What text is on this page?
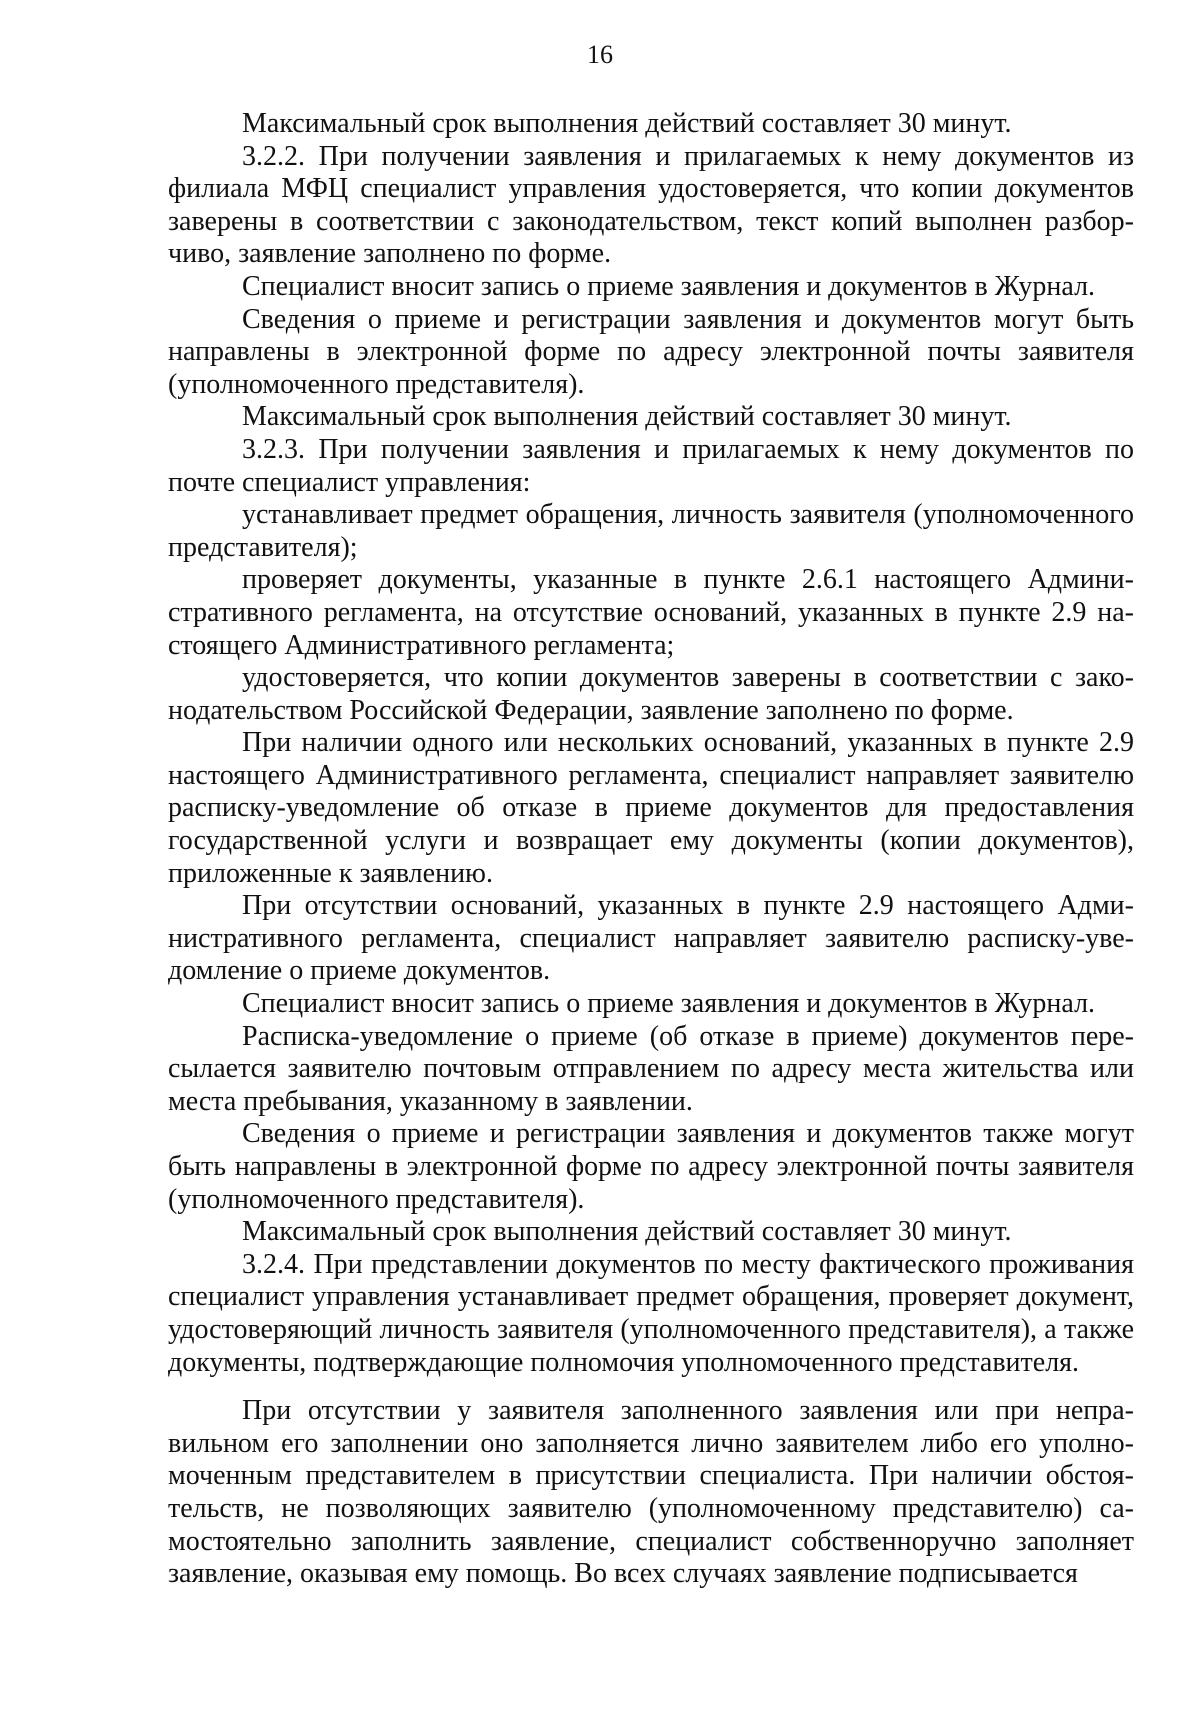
16

Максимальный срок выполнения действий составляет 30 минут.

3.2.2. При получении заявления и прилагаемых к нему документов из филиала МФЦ специалист управления удостоверяется, что копии документов заверены в соответствии с законодательством, текст копий выполнен разборчиво, заявление заполнено по форме.

Специалист вносит запись о приеме заявления и документов в Журнал.

Сведения о приеме и регистрации заявления и документов могут быть направлены в электронной форме по адресу электронной почты заявителя (уполномоченного представителя).

Максимальный срок выполнения действий составляет 30 минут.

3.2.3. При получении заявления и прилагаемых к нему документов по почте специалист управления:

устанавливает предмет обращения, личность заявителя (уполномоченного представителя);

проверяет документы, указанные в пункте 2.6.1 настоящего Административного регламента, на отсутствие оснований, указанных в пункте 2.9 настоящего Административного регламента;

удостоверяется, что копии документов заверены в соответствии с законодательством Российской Федерации, заявление заполнено по форме.

При наличии одного или нескольких оснований, указанных в пункте 2.9 настоящего Административного регламента, специалист направляет заявителю расписку-уведомление об отказе в приеме документов для предоставления государственной услуги и возвращает ему документы (копии документов), приложенные к заявлению.

При отсутствии оснований, указанных в пункте 2.9 настоящего Административного регламента, специалист направляет заявителю расписку-уведомление о приеме документов.

Специалист вносит запись о приеме заявления и документов в Журнал.

Расписка-уведомление о приеме (об отказе в приеме) документов пересылается заявителю почтовым отправлением по адресу места жительства или места пребывания, указанному в заявлении.

Сведения о приеме и регистрации заявления и документов также могут быть направлены в электронной форме по адресу электронной почты заявителя (уполномоченного представителя).

Максимальный срок выполнения действий составляет 30 минут.

3.2.4. При представлении документов по месту фактического проживания специалист управления устанавливает предмет обращения, проверяет документ, удостоверяющий личность заявителя (уполномоченного представителя), а также документы, подтверждающие полномочия уполномоченного представителя.

При отсутствии у заявителя заполненного заявления или при неправильном его заполнении оно заполняется лично заявителем либо его уполномоченным представителем в присутствии специалиста. При наличии обстоятельств, не позволяющих заявителю (уполномоченному представителю) самостоятельно заполнить заявление, специалист собственноручно заполняет заявление, оказывая ему помощь. Во всех случаях заявление подписывается
